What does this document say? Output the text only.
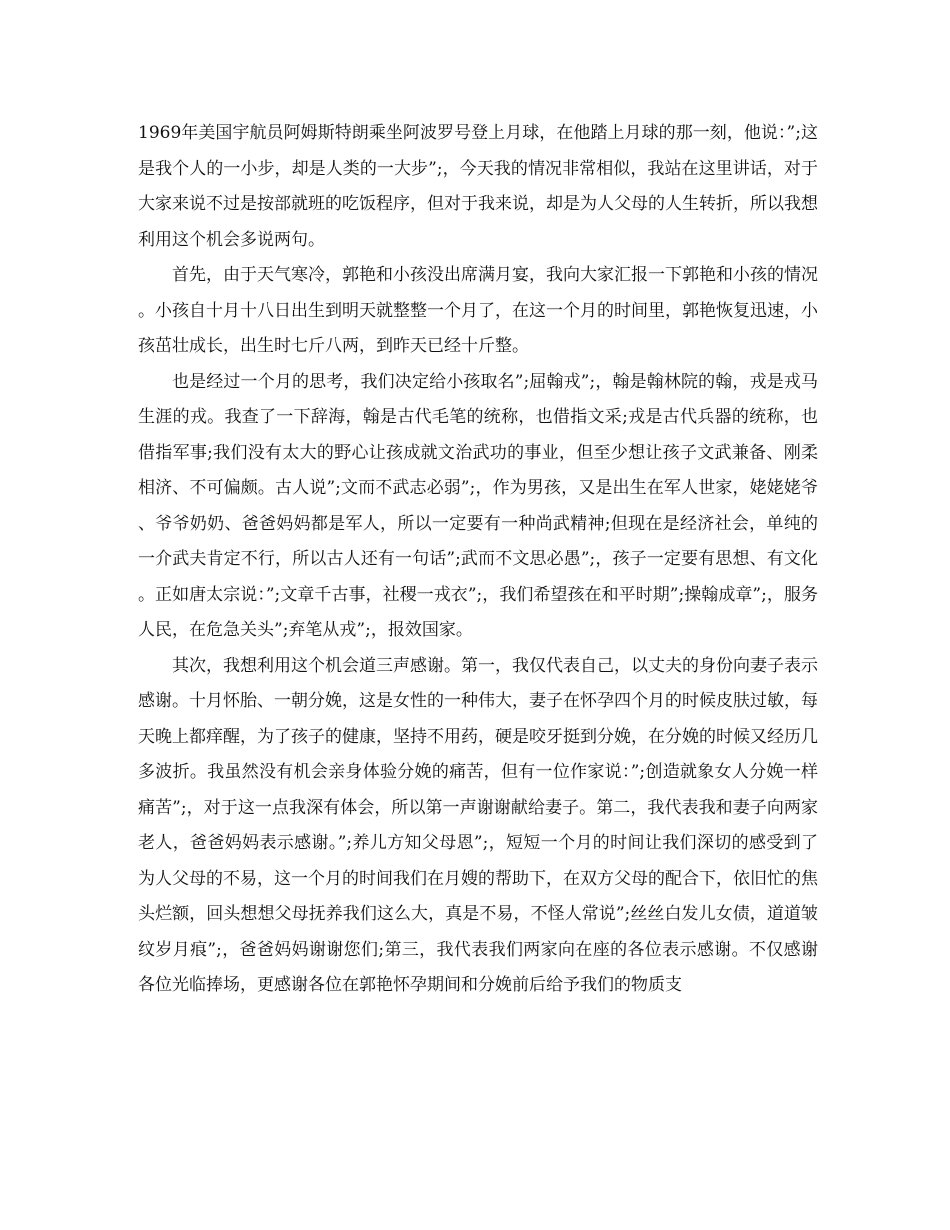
1969年美国宇航员阿姆斯特朗乘坐阿波罗号登上月球，在他踏上月球的那一刻，他说：”;这是我个人的一小步，却是人类的一大步”;，今天我的情况非常相似，我站在这里讲话，对于大家来说不过是按部就班的吃饭程序，但对于我来说，却是为人父母的人生转折，所以我想利用这个机会多说两句。

首先，由于天气寒冷，郭艳和小孩没出席满月宴，我向大家汇报一下郭艳和小孩的情况。小孩自十月十八日出生到明天就整整一个月了，在这一个月的时间里，郭艳恢复迅速，小孩茁壮成长，出生时七斤八两，到昨天已经十斤整。

也是经过一个月的思考，我们决定给小孩取名”;屈翰戎”;，翰是翰林院的翰，戎是戎马生涯的戎。我查了一下辞海，翰是古代毛笔的统称，也借指文采;戎是古代兵器的统称，也借指军事;我们没有太大的野心让孩成就文治武功的事业，但至少想让孩子文武兼备、刚柔相济、不可偏颇。古人说”;文而不武志必弱”;，作为男孩，又是出生在军人世家，姥姥姥爷、爷爷奶奶、爸爸妈妈都是军人，所以一定要有一种尚武精神;但现在是经济社会，单纯的一介武夫肯定不行，所以古人还有一句话”;武而不文思必愚”;，孩子一定要有思想、有文化。正如唐太宗说：”;文章千古事，社稷一戎衣”;，我们希望孩在和平时期”;操翰成章”;，服务人民，在危急关头”;弃笔从戎”;，报效国家。

其次，我想利用这个机会道三声感谢。第一，我仅代表自己，以丈夫的身份向妻子表示感谢。十月怀胎、一朝分娩，这是女性的一种伟大，妻子在怀孕四个月的时候皮肤过敏，每天晚上都痒醒，为了孩子的健康，坚持不用药，硬是咬牙挺到分娩，在分娩的时候又经历几多波折。我虽然没有机会亲身体验分娩的痛苦，但有一位作家说：”;创造就象女人分娩一样痛苦”;，对于这一点我深有体会，所以第一声谢谢献给妻子。第二，我代表我和妻子向两家老人，爸爸妈妈表示感谢。”;养儿方知父母恩”;，短短一个月的时间让我们深切的感受到了为人父母的不易，这一个月的时间我们在月嫂的帮助下，在双方父母的配合下，依旧忙的焦头烂额，回头想想父母抚养我们这么大，真是不易，不怪人常说”;丝丝白发儿女债，道道皱纹岁月痕”;，爸爸妈妈谢谢您们;第三，我代表我们两家向在座的各位表示感谢。不仅感谢各位光临捧场，更感谢各位在郭艳怀孕期间和分娩前后给予我们的物质支
